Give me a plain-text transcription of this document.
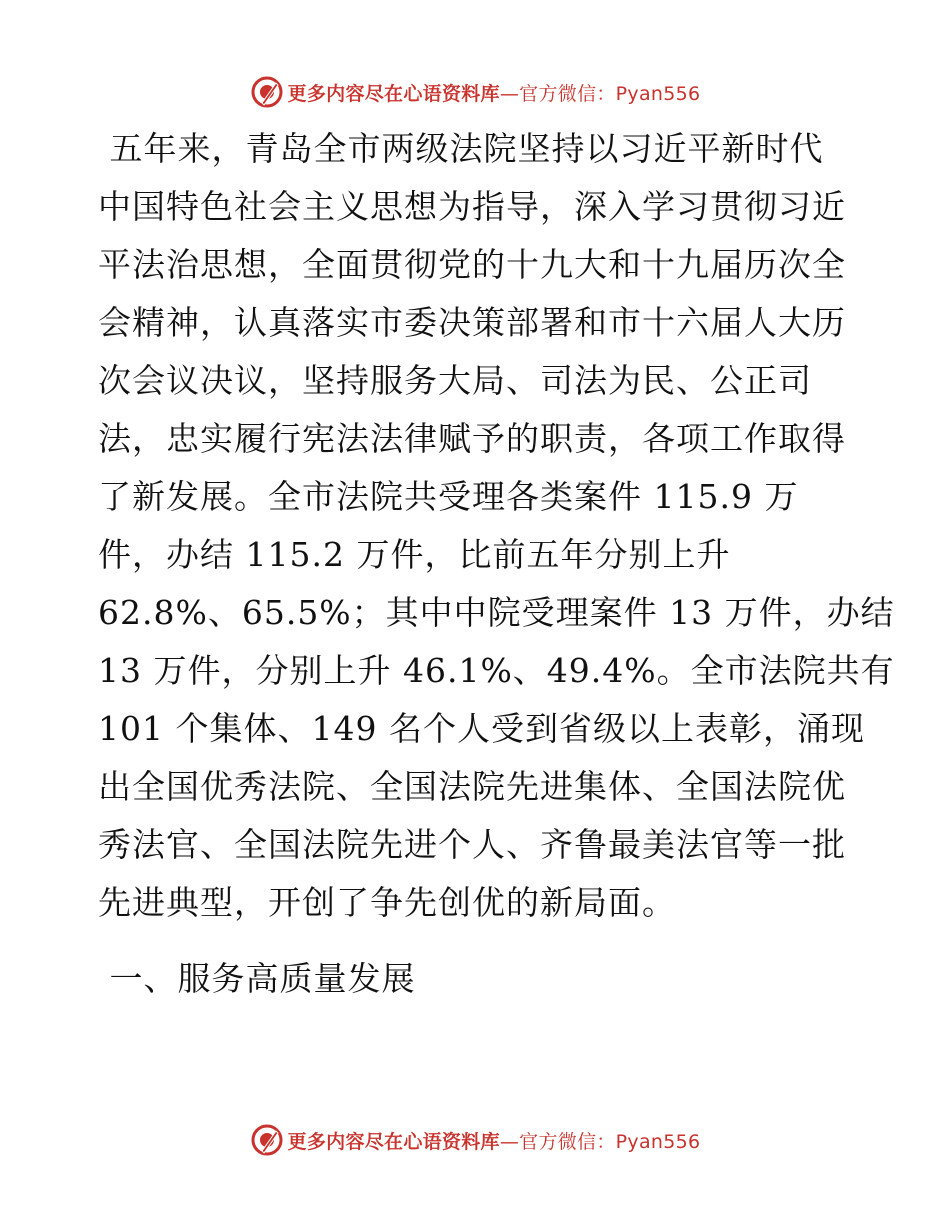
更多内容尽在心语资料库—官方微信：Pyan556
五年来，青岛全市两级法院坚持以习近平新时代
中国特色社会主义思想为指导，深入学习贯彻习近
平法治思想，全面贯彻党的十九大和十九届历次全
会精神，认真落实市委决策部署和市十六届人大历
次会议决议，坚持服务大局、司法为民、公正司
法，忠实履行宪法法律赋予的职责，各项工作取得
了新发展。全市法院共受理各类案件 115.9 万
件，办结 115.2 万件，比前五年分别上升
62.8%、65.5%；其中中院受理案件 13 万件，办结
13 万件，分别上升 46.1%、49.4%。全市法院共有
101 个集体、149 名个人受到省级以上表彰，涌现
出全国优秀法院、全国法院先进集体、全国法院优
秀法官、全国法院先进个人、齐鲁最美法官等一批
先进典型，开创了争先创优的新局面。
一、服务高质量发展
更多内容尽在心语资料库—官方微信：Pyan556
